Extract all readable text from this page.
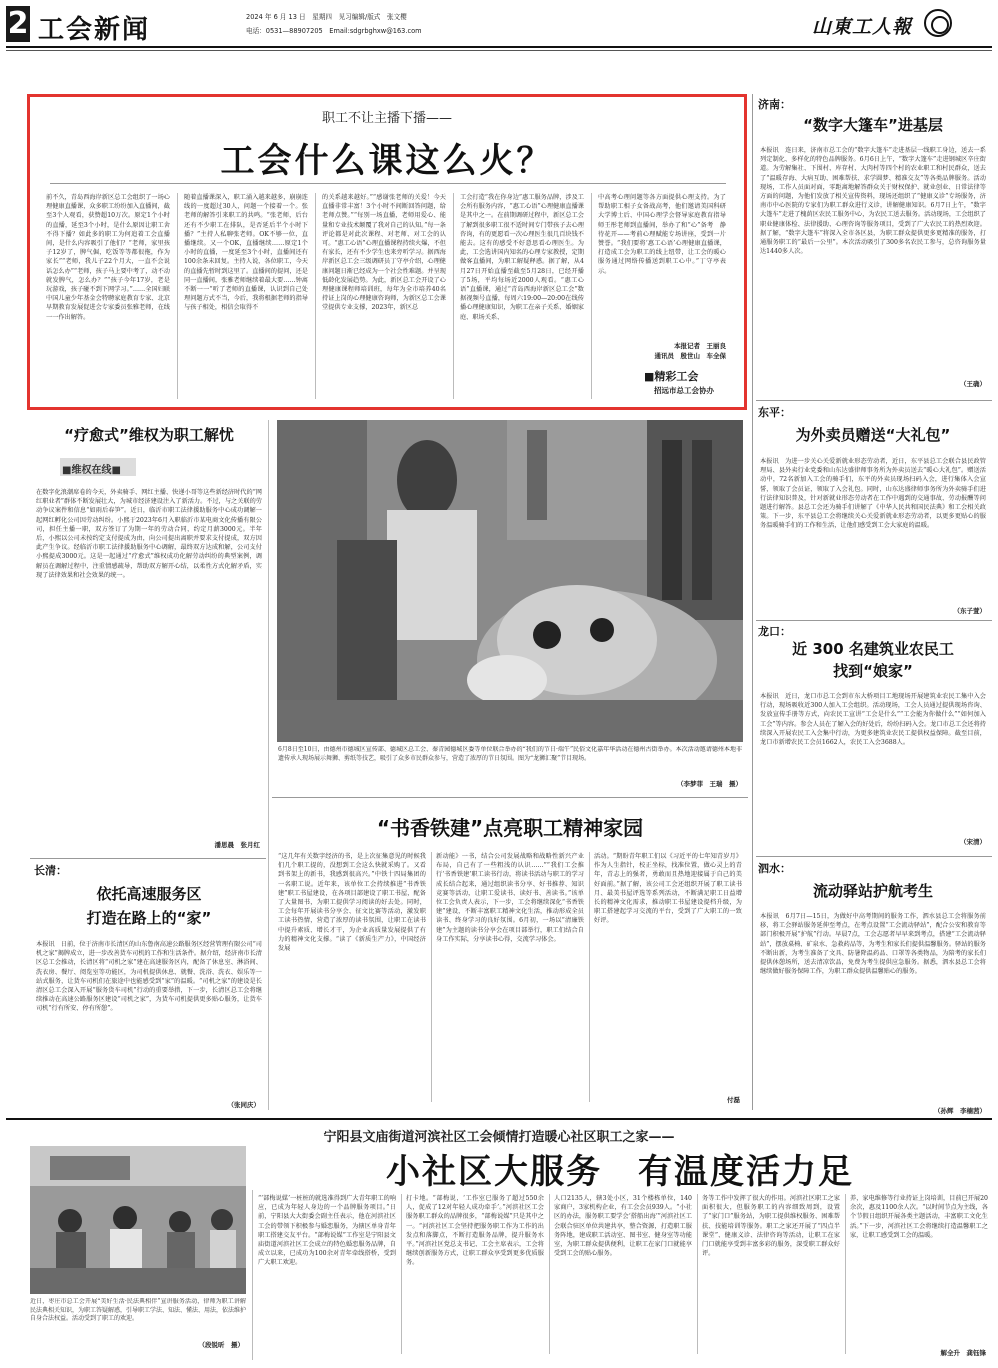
2 工会新闻	2024 年 6 月 13 日　星期四　见习编辑/版式　张文樱
电话：0531—88907205　Email:sdgrbghxw@163.com	山東工人報
职工不让主播下播——
工会什么课这么火？
前不久，青岛西海岸新区总工会组织了一场心理健康直播课，众多职工纷纷加入直播间，截至3个人观看，获赞超10万次。原定1个小时的直播，延至3个小时，是什么原因让职工舍不得下播？如此多的职工为何追着工会直播间，是什么内容吸引了他们？“老师，家里孩子12岁了，脾气倔，吃饭等等都很拖，作为家长”“老师，我儿子22个月大，一直不会说话怎么办”“老师，孩子马上要中考了，动不动就发脾气，怎么办？”“孩子今年17岁，老是玩游戏，孩子碰不到下网学习。”……全国妇联中国儿童少年基金会特聘家庭教育专家、北京早期教育发展促进会专家委员张雅老师，在线一一作出解答。
随着直播课深入，职工涌入越来越多，崩崩连线的一度超过30人，问题一个接着一个。张老师的解答引来职工的共鸣。“张老师，后台还有不少职工在排队，是否延后半个小时下播？”主持人私聊张老师。OK不够一位，直播继续。又一个OK，直播继续……原定1个小时的直播，一度延至3个小时，直播间还有100余条未回复。主持人说，各位职工，今天的直播先暂时到这里了。直播间的提问，还是同一直播间，张雅老师继续着最大要……钟离不断一一“听了老师的直播课，认识到自己处理问题方式不当，今后，我将根据老师的指导与孩子相处，相信会取得不
的关系越来越好。”“感谢张老师的关爱！今天直播非常丰富！3个小时不间断回答问题，给老师点赞。”“每别一场直播，老师用爱心、能量和专业技术颠覆了我对自己的认知。”每一条评论都是对此次课程、对老师、对工会的认可。“惠工心语”心理直播课程持续火爆，不但有家长，还有不少学生也来旁听学习。据西海岸新区总工会三级调研员丁守亭介绍，心理健康问题日渐已经成为一个社会性难题。并呈现低龄化发展趋势。为此，新区总工会开设了心理健康课程师培训班，每年为全市培养40名持证上岗的心理健康咨询师，为新区总工会课堂提供专业支撑，2023年，新区总
工会打造“我在你身边”惠工服务品牌，涉及工会所有服务内容，“惠工心语”心理健康直播课是其中之一。在前期调研过程中，新区总工会了解到很多职工很不适时间专门带孩子去心理咨询，有的更愿看一次心理医生很几百块钱不能去。这有的感受不好意思看心理医生。为此，工会选讲国内知名的心理专家教授，定期做客直播间，为职工解疑释惑。据了解，从4月27日开始直播至截至5月28日，已经开播了5场，平均每场近2000人观看。“惠工心语”直播课，通过“青岛西海岸新区总工会”数据视频号直播，每周六19:00—20:00在线传播心理健康知识，为职工在亲子关系、婚姻家庭、职场关系、
中高考心理问题等各方面提供心理支持。为了帮助职工相子女备战高考，他们邀请美国科研大学博士后、中国心理学会督导家庭教育指导师王彤老师到直播间，举办了和“心”备考　静待花开——考前心理赋能专场讲座，受到一片赞誉。“我们要将‘惠工心语’心理健康直播课，打造成工会为职工的线上纽带，让工会的暖心服务通过网络传播送到职工心中。”丁守亭表示。
本报记者　王丽良
通讯员　殷世山　车全保
■精彩工会
招远市总工会协办
济南：
“数字大篷车”进基层
本报讯　连日来，济南市总工会的“数字大篷车”走进基层一线职工身边，送去一系列定制化、多样化的特色品牌服务。6月6日上午，“数字大篷车”走进钢城区辛庄街道。为劳解集社、下围村、库存村、大肉村等四个村的农业职工和村民群众，送去了“温暖存海、大病互助、困难帮扶、求学圆梦、精准交友”等各类品牌服务。活动现场，工作人员面对面，零距离地解答群众关于财权保护、就业创业、日常法律等方面的问题，为他们发放了相关宣传资料，现场还组织了“健康义诊”专场服务，济南市中心医院的专家们为职工群众进行义诊，讲解健康知识。6月7日上午，“数字大篷车”走进了槐荫区农民工服务中心，为农民工送去服务。活动现场，工会组织了职业健康体检、法律援助、心理咨询等服务项目，受到了广大农民工的热烈欢迎。据了解，“数字大篷车”将深入全市各区县，为职工群众提供更多更精准的服务，打通服务职工的“最后一公里”。本次活动吸引了300多名农民工参与，总咨询服务量达1440多人次。
（王确）
东平：
为外卖员赠送“大礼包”
本报讯　为进一步关心关爱新就业形态劳动者，近日，东平县总工会联合县民政管理局、县外卖行业党委和山东达盛律师事务所为外卖员送去“暖心大礼包”。赠送活动中，72名新加入工会的骑手们，东平的外卖员现场扫码入会，进行集体入会宣誓，领取了会员证，领取了入会礼包。同时，山东达盛律师事务所为外卖骑手们进行法律知识普及，针对新就业形态劳动者在工作中遇到的交通事故、劳动报酬等问题进行解答。县总工会还为骑手们讲解了《中华人民共和国民法典》和工会相关政策。下一步，东平县总工会将继续关心关爱新就业形态劳动者，以更多更贴心的服务温暖骑手们的工作和生活，让他们感受到工会大家庭的温暖。
（东子萱）
龙口：
近 300 名建筑业农民工
找到“娘家”
本报讯　近日，龙口市总工会到市东大桥项目工地现场开展建筑业农民工集中入会行动，现场吸收近300人加入工会组织。活动现场，工会人员通过提供现场咨询、发放宣传手册等方式，向农民工宣讲“工会是什么”“工会能为你做什么”“如何加入工会”等内容。参会人员在了解入会的好处后，纷纷扫码入会。龙口市总工会还将持续深入开展农民工入会集中行动，为更多建筑业农民工提供权益保障。截至目前，龙口市新增农民工会员1662人，农民工入会3688人。
（宋清）
泗水：
流动驿站护航考生
本报讯　6月7日—15日，为做好中高考期间的服务工作，泗水县总工会将服务前移，将工会驿站服务延伸至考点，在考点设置“工会流动驿站”，配合公安和教育等部门积极开展“护航”行动。早晨7点，工会志愿者早早来到考点，搭建“工会流动驿站”，摆放桌椅、矿泉水、急救药品等，为考生和家长们提供温馨服务。驿站的服务不断出新，为考生准备了文具、防暑降温药品、口罩等各类物品，为陪考的家长们提供休憩场所，送去清凉饮品，免费为考生提供应急服务。据悉，泗水县总工会将继续做好服务保障工作，为职工群众提供温馨贴心的服务。
（孙辉　李楠茜）
“疗愈式”维权为职工解忧
■维权在线■
在数字化浪潮席卷的今天，外卖骑手、网红主播、快递小哥等这些新经济时代的“网红职业者”群体不断发展壮大，为城市经济建设注入了新活力。不过，与之关联的劳动争议案件和信息“如雨后春笋”。近日，临沂市职工法律援助服务中心成功调解一起网红孵化公司因劳动纠纷。小熙于2023年6月入职临沂市某电商文化传播有限公司，担任主播一职，双方签订了为期一年的劳动合同，约定月薪3000元。半年后，小熙以公司未按约定支付提成为由，向公司提出离职并要求支付提成，双方因此产生争议。经临沂市职工法律援助服务中心调解，最终双方达成和解，公司支付小熙提成3000元。这是一起通过“疗愈式”维权成功化解劳动纠纷的典型案例，调解员在调解过程中，注重情感疏导，帮助双方解开心结，以柔性方式化解矛盾，实现了法律效果和社会效果的统一。
潘思晨　张月红
长清：
依托高速服务区
打造在路上的“家”
本报讯　日前，位于济南市长清区的山东鲁南高速公路服务区经营管理有限公司“司机之家”揭牌成立，进一步改善货车司机的工作和生活条件。据介绍，经济南市长清区总工会推动，长清区将“司机之家”建在高速服务区内，配备了休息室、淋浴间、洗衣房、餐厅、阅览室等功能区，为司机提供休息、就餐、洗浴、洗衣、娱乐等一站式服务，让货车司机们在旅途中也能感受到“家”的温暖。“司机之家”的建设是长清区总工会深入开展“服务货车司机”行动的重要举措，下一步，长清区总工会将继续推动在高速公路服务区建设“司机之家”，为货车司机提供更多贴心服务，让货车司机“行有所安、停有所憩”。
（张同庆）
6月8日至10日，由德州市德城区宣传部、德城区总工会、秦青园德城区委等单位联合举办的“我们的节日·端午”民俗文化嘉年华活动在德州古街举办。本次活动邀请德州本地非遗传承人现场展示舞狮、剪纸等技艺，吸引了众多市民群众参与，营造了浓厚的节日氛围。图为“龙狮汇聚”节目现场。
（李梦菲　王瑞　摄）
“书香铁建”点亮职工精神家园
“这几年有关数字经济的书，是上次征集意见的时候我们几个职工提的，没想到工会这么快就采购了。又看到书架上的新书，我感到很高兴。”中铁十四局集团的一名职工说。近年来，该单位工会持续推进“书香铁建”职工书屋建设，在各项目部建设了职工书屋，配备了大量图书，为职工提供学习阅读的好去处。同时，工会每年开展读书分享会、征文比赛等活动，激发职工读书热情，营造了浓厚的读书氛围，让职工在读书中提升素质、增长才干，为企业高质量发展提供了有力的精神文化支撑。“读了《新质生产力》，中国经济发展
新动能》一书，结合公司发展战略和战略性新兴产业布局，自己有了一些粗浅的认识……”“我们工会推行‘书香铁建’职工读书行动，将读书活动与职工的学习成长结合起来，通过组织读书分享、好书推荐、知识竞赛等活动，让职工爱读书、读好书、善读书。”该单位工会负责人表示，下一步，工会将继续深化“书香铁建”建设，不断丰富职工精神文化生活，推动形成全员读书、终身学习的良好氛围。6月初，一场以“清廉铁建”为主题的读书分享会在项目部举行，职工们结合自身工作实际，分享读书心得，交流学习体会。
活动。“期盼青年职工们以《习近平的七年知青岁月》作为人生指针，校正坐标，找准位置，做心灵上的青年，青志上的强者，勇敢而且热地迎接属于自己的美好面前。”据了解，该公司工会还组织开展了职工读书月、最美书屋评选等系列活动，不断满足职工日益增长的精神文化需求，推动职工书屋建设提档升级，为职工搭建起学习交流的平台，受到了广大职工的一致好评。
付磊
宁阳县文庙街道河滨社区工会倾情打造暖心社区职工之家——
小社区大服务　有温度活力足
近日，枣庄市总工会开展“美好生活·民法典相伴”宣讲服务活动，律师为职工讲解民法典相关知识，为职工答疑解惑，引导职工学法、知法、懂法、用法，依法维护自身合法权益。活动受到了职工的欢迎。
（段锐昕　摄）
“‘部梅说媒’一桩桩的就选准得到广大青年职工的响应，已成为年轻人身边的一个品牌服务项目。”日前，宁阳县大大街委会副主任表示，他在河滨社区工会的带领下积极参与婚恋服务，为辖区单身青年职工搭建交友平台。“部梅说媒”工作室是宁阳县文庙街道河滨社区工会成立的特色婚恋服务品牌，自成立以来，已成功为100余对青年牵线搭桥，受到广大职工欢迎。
打卡地。“部梅说，‘工作室已服务了超过550余人，促成了12对年轻人成功牵手’。”河滨社区工会服务职工群众的品牌很多，“部梅说媒”只是其中之一。“河滨社区工会坚持把服务职工作为工作的出发点和落脚点，不断打造服务品牌，提升服务水平。”河滨社区党总支书记、工会主席表示，工会将继续创新服务方式，让职工群众享受到更多优质服务。
人口2135人，辖3处小区，31个楼栋单位，140家商户，3家机构企业，有工会会员939人。“小社区的办法，服务职工要学会‘搭船出海’”河滨社区工会联合驻区单位共建共享，整合资源，打造职工服务阵地，建成职工活动室、图书室、健身室等功能室，为职工群众提供便利，让职工在家门口就能享受到工会的贴心服务。
务等工作中发挥了很大的作用。河滨社区职工之家面积很大，但服务职工的内容细致周到，设置了“家门口”服务站，为职工提供维权服务、困难帮扶、技能培训等服务。职工之家还开展了“四点半课堂”、健康义诊、法律咨询等活动，让职工在家门口就能享受到丰富多彩的服务，深受职工群众好评。
养，家电维修等行业持证上岗培训，目前已开展20余次，惠及1100余人次。“以时间节点为主线，各个节假日组织开展各类主题活动，丰富职工文化生活。”下一步，河滨社区工会将继续打造温馨职工之家，让职工感受到工会的温暖。
解全升　龚钰锋
